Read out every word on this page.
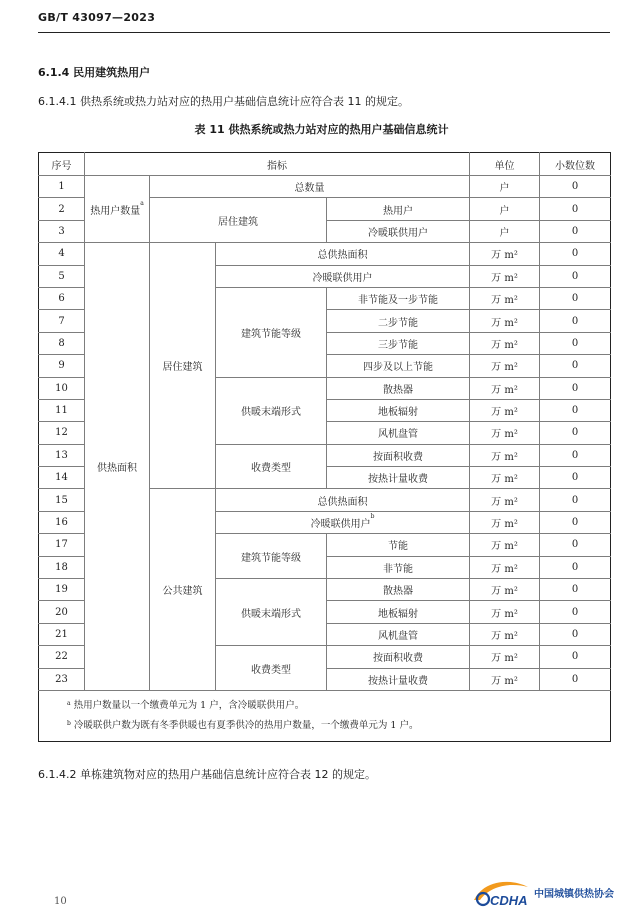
GB/T 43097—2023
6.1.4 民用建筑热用户
6.1.4.1 供热系统或热力站对应的热用户基础信息统计应符合表 11 的规定。
表 11 供热系统或热力站对应的热用户基础信息统计
序号	指标				单位	小数位数
1	热用户数量$^a$	总数量			户	0
2		居住建筑		热用户	户	0
3				冷暖联供用户	户	0
4	供热面积	居住建筑	总供热面积		万 m²	0
5			冷暖联供用户		万 m²	0
6			建筑节能等级	非节能及一步节能	万 m²	0
7				二步节能	万 m²	0
8				三步节能	万 m²	0
9				四步及以上节能	万 m²	0
10			供暖末端形式	散热器	万 m²	0
11				地板辐射	万 m²	0
12				风机盘管	万 m²	0
13			收费类型	按面积收费	万 m²	0
14				按热计量收费	万 m²	0
15		公共建筑	总供热面积		万 m²	0
16			冷暖联供用户$^b$		万 m²	0
17			建筑节能等级	节能	万 m²	0
18				非节能	万 m²	0
19			供暖末端形式	散热器	万 m²	0
20				地板辐射	万 m²	0
21				风机盘管	万 m²	0
22			收费类型	按面积收费	万 m²	0
23				按热计量收费	万 m²	0

$^a$ 热用户数量以一个缴费单元为 1 户，含冷暖联供用户。
$^b$ 冷暖联供户数为既有冬季供暖也有夏季供冷的热用户数量，一个缴费单元为 1 户。						
6.1.4.2 单栋建筑物对应的热用户基础信息统计应符合表 12 的规定。
10	CDHA 中国城镇供热协会
